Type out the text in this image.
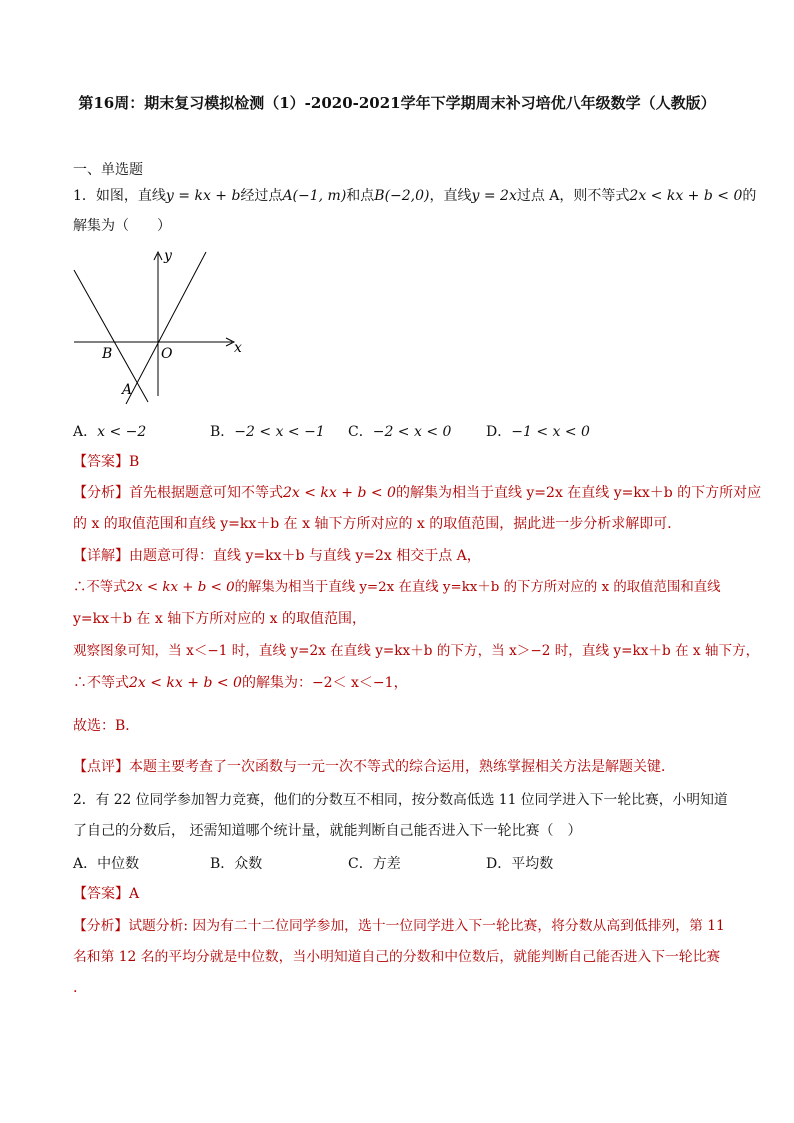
第16周：期末复习模拟检测（1）-2020-2021学年下学期周末补习培优八年级数学（人教版）
一、单选题
1．如图，直线y = kx + b经过点A(−1, m)和点B(−2,0)，直线y = 2x过点 A，则不等式2x < kx + b < 0的
解集为（　　）
B	O	x
y
A
A．x < −2	B．−2 < x < −1 C．−2 < x < 0 D．−1 < x < 0
【答案】B
【分析】首先根据题意可知不等式2x < kx + b < 0的解集为相当于直线 y=2x 在直线 y=kx＋b 的下方所对应
的 x 的取值范围和直线 y=kx＋b 在 x 轴下方所对应的 x 的取值范围，据此进一步分析求解即可．
【详解】由题意可得：直线 y=kx＋b 与直线 y=2x 相交于点 A，
∴不等式2x < kx + b < 0的解集为相当于直线 y=2x 在直线 y=kx＋b 的下方所对应的 x 的取值范围和直线
y=kx＋b 在 x 轴下方所对应的 x 的取值范围，
观察图象可知，当 x＜−1 时，直线 y=2x 在直线 y=kx＋b 的下方，当 x＞−2 时，直线 y=kx＋b 在 x 轴下方，
∴不等式2x < kx + b < 0的解集为：−2＜ x＜−1，
故选：B．
【点评】本题主要考查了一次函数与一元一次不等式的综合运用，熟练掌握相关方法是解题关键．
2．有 22 位同学参加智力竞赛，他们的分数互不相同，按分数高低选 11 位同学进入下一轮比赛，小明知道
了自己的分数后， 还需知道哪个统计量，就能判断自己能否进入下一轮比赛（　）
A．中位数	B．众数	C．方差	D．平均数
【答案】A
【分析】试题分析: 因为有二十二位同学参加，选十一位同学进入下一轮比赛，将分数从高到低排列，第 11
名和第 12 名的平均分就是中位数，当小明知道自己的分数和中位数后，就能判断自己能否进入下一轮比赛
.
